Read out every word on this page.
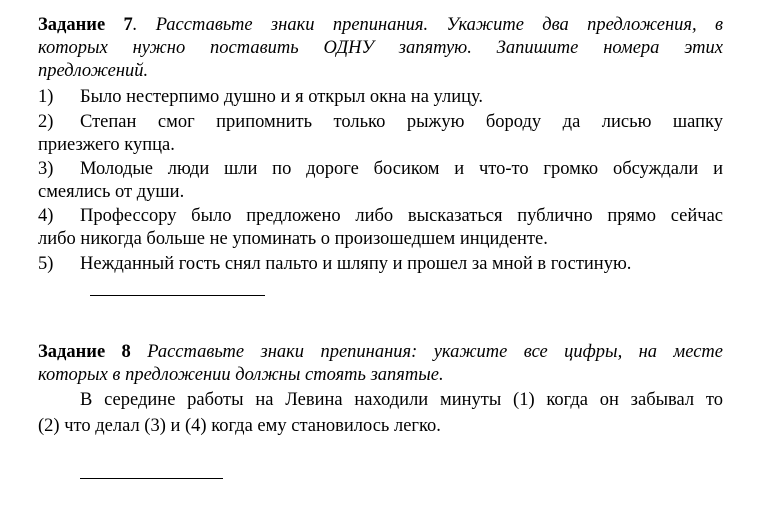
Задание 7. Расставьте знаки препинания. Укажите два предложения, в
которых нужно поставить ОДНУ запятую. Запишите номера этих
предложений.
1) Было нестерпимо душно и я открыл окна на улицу.
2) Степан смог припомнить только рыжую бороду да лисью шапку
приезжего купца.
3) Молодые люди шли по дороге босиком и что-то громко обсуждали и
смеялись от души.
4) Профессору было предложено либо высказаться публично прямо сейчас
либо никогда больше не упоминать о произошедшем инциденте.
5) Нежданный гость снял пальто и шляпу и прошел за мной в гостиную.
Задание 8 Расставьте знаки препинания: укажите все цифры, на месте
которых в предложении должны стоять запятые.
В середине работы на Левина находили минуты (1) когда он забывал то
(2) что делал (3) и (4) когда ему становилось легко.
